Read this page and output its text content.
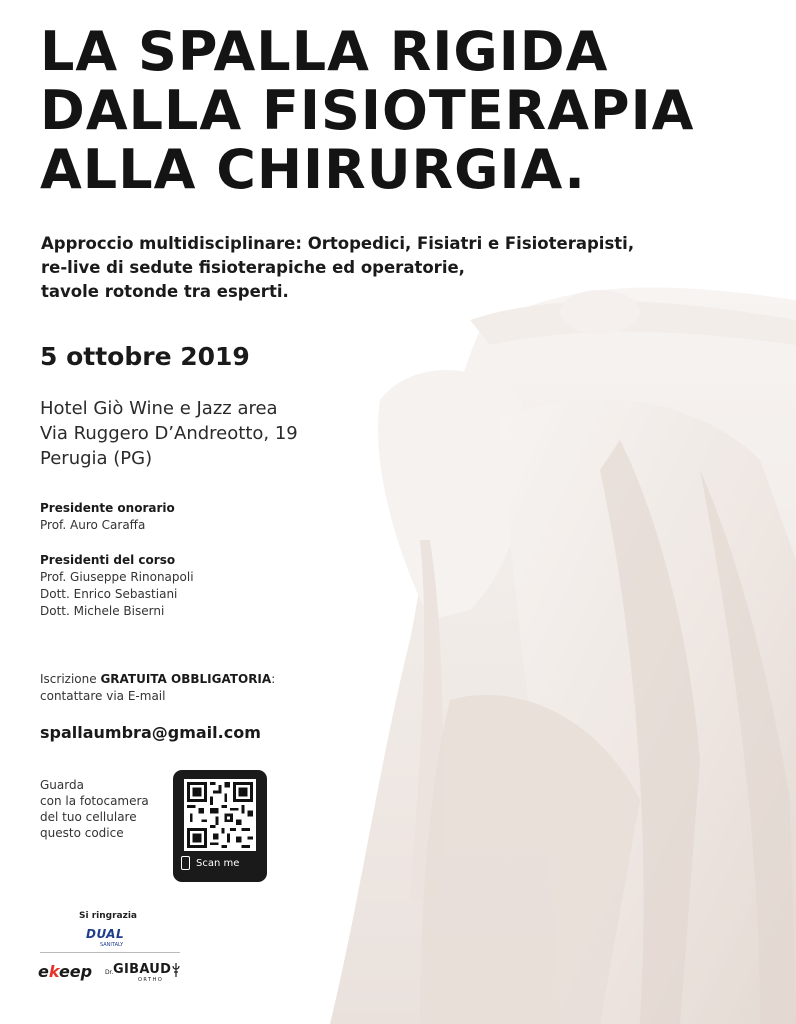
LA SPALLA RIGIDA
DALLA FISIOTERAPIA
ALLA CHIRURGIA.
Approccio multidisciplinare: Ortopedici, Fisiatri e Fisioterapisti,
re-live di sedute fisioterapiche ed operatorie,
tavole rotonde tra esperti.
5 ottobre 2019
Hotel Giò Wine e Jazz area
Via Ruggero D’Andreotto, 19
Perugia (PG)
Presidente onorario
Prof. Auro Caraffa
Presidenti del corso
Prof. Giuseppe Rinonapoli
Dott. Enrico Sebastiani
Dott. Michele Biserni
Iscrizione GRATUITA OBBLIGATORIA:
contattare via E-mail
spallaumbra@gmail.com
Guarda
con la fotocamera
del tuo cellulare
questo codice
Scan me
Si ringrazia
DUAL
SANITALY
ekeep Dr. GIBAUD
ORTHO
